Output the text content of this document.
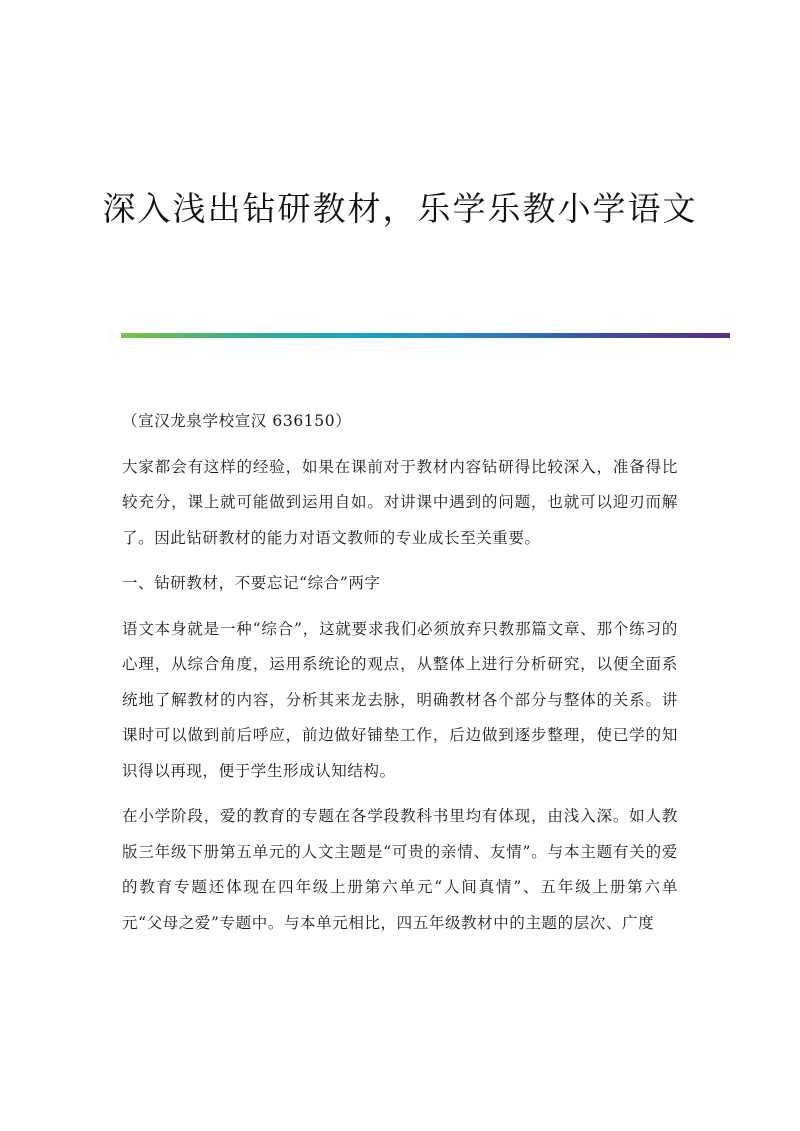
深入浅出钻研教材，乐学乐教小学语文

（宣汉龙泉学校宣汉 636150）

大家都会有这样的经验，如果在课前对于教材内容钻研得比较深入，准备得比较充分，课上就可能做到运用自如。对讲课中遇到的问题，也就可以迎刃而解了。因此钻研教材的能力对语文教师的专业成长至关重要。

一、钻研教材，不要忘记“综合”两字

语文本身就是一种“综合”，这就要求我们必须放弃只教那篇文章、那个练习的心理，从综合角度，运用系统论的观点，从整体上进行分析研究，以便全面系统地了解教材的内容，分析其来龙去脉，明确教材各个部分与整体的关系。讲课时可以做到前后呼应，前边做好铺垫工作，后边做到逐步整理，使已学的知识得以再现，便于学生形成认知结构。

在小学阶段，爱的教育的专题在各学段教科书里均有体现，由浅入深。如人教版三年级下册第五单元的人文主题是“可贵的亲情、友情”。与本主题有关的爱的教育专题还体现在四年级上册第六单元“人间真情”、五年级上册第六单元“父母之爱”专题中。与本单元相比，四五年级教材中的主题的层次、广度
